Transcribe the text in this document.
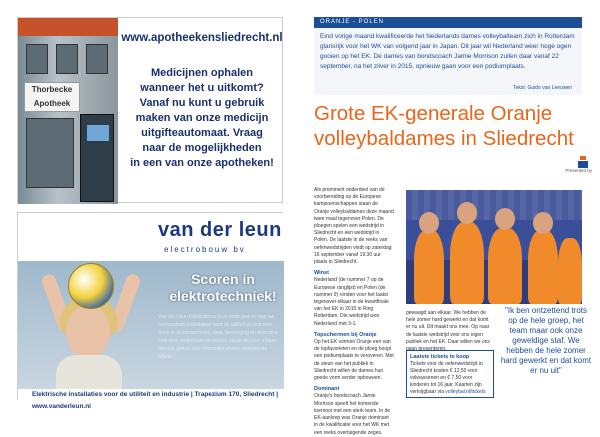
Thorbecke Apotheek
www.apotheekensliedrecht.nl
Medicijnen ophalen
wanneer het u uitkomt?
Vanaf nu kunt u gebruik
maken van onze medicijn
uitgifteautomaat. Vraag
naar de mogelijkheden
in een van onze apotheken!
van der leun
electrobouw bv
Scoren in elektrotechniek!
Van der Leun Elektrobouw is al sinds jaar en dag uw betrouwbare installateur voor de utiliteit en industrie. Sterk in elektrotechniek, data, beveiliging en domotica. Ook voor onderhoud en service staan wij voor u klaar. Bel ons gerust voor informatie of een vrijblijvende offerte.
Elektrische installaties voor de utiliteit en industrie | Trapezium 170, Sliedrecht | www.vanderleun.nl
ORANJE - POLEN
Eind vorige maand kwalificeerde het Nederlands dames volleybalteam zich in Rotterdam glansrijk voor het WK van volgend jaar in Japan. Dit jaar wil Nederland weer hoge ogen gooien op het EK. De dames van bondscoach Jamie Morrison zullen daar vanaf 22 september, na het zilver in 2015, opnieuw gaan voor een podiumplaats.
Tekst: Guido van Leeuwen
Grote EK-generale Oranje volleybaldames in Sliedrecht
Presented by

Als prominent onderdeel van de voorbereiding op de Europese kampioenschappen staan de Oranje volleybaldames deze maand twee maal tegenover Polen. De ploegen spelen een wedstrijd in Sliedrecht en een wedstrijd in Polen. De laatste in de reeks van oefenwedstrijden vindt op zaterdag 16 september vanaf 19:30 uur plaats in Sliedrecht.

Winst

Nederland (de nummer 7 op de Europese ranglijst) en Polen (de nummer 9) ronden voor het laatst tegenover elkaar in de kwartfinale van het EK in 2015 in Ring Rotterdam. Die wedstrijd won Nederland met 3-1.

Topschermen bij Oranje

Op het EK vormen Oranje een van de topfavorieten en de ploeg hoopt een podiumplaats te veroveren. Met de steun van het publiek in Sliedrecht willen de dames hun goede vorm verder opbouwen.

Dominant

Oranje's bondscoach Jamie Morrison speelt het komende toernooi met een sterk team. In de EK-aanloop was Oranje dominant in de kwalificatie voor het WK met een reeks overtuigende zeges.

gewaagd aan elkaar. We hebben de hele zomer hard gewerkt en dat komt er nu uit. Dit maakt ons mee. Op naar de laatste wedstrijd voor ons eigen publiek en het EK. Daar willen we ons gaan presenteren.
Laatste tickets te koop
Tickets voor de oefenwedstrijd in Sliedrecht kosten € 12,50 voor volwassenen en € 7,50 voor kinderen tot 16 jaar. Kaarten zijn verkrijgbaar via volleybal.nl/tickets
"Ik ben ontzettend trots op de hele groep, het team maar ook onze geweldige staf. We hebben de hele zomer hard gewerkt en dat komt er nu uit"
